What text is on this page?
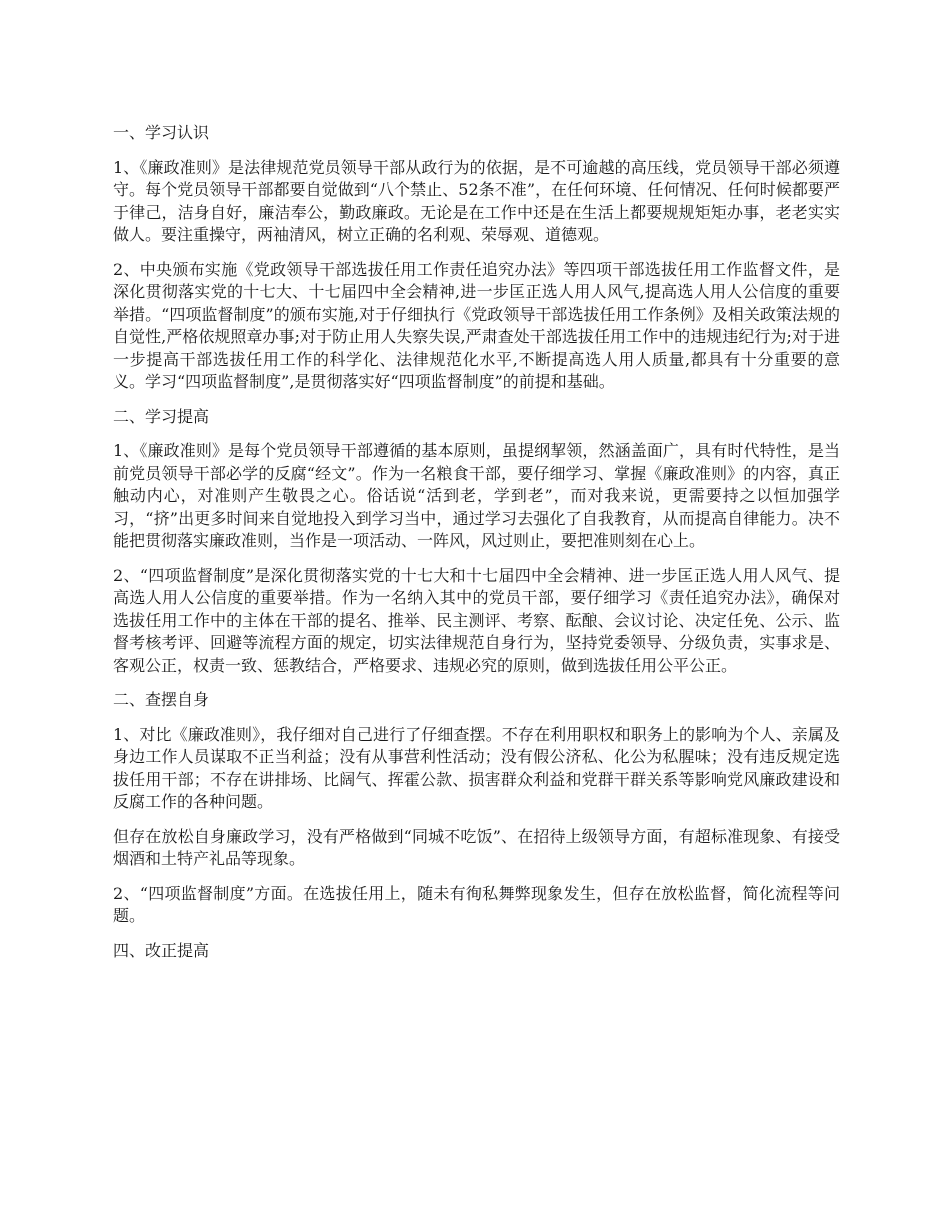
一、学习认识

1、《廉政准则》是法律规范党员领导干部从政行为的依据，是不可逾越的高压线，党员领导干部必须遵守。每个党员领导干部都要自觉做到“八个禁止、52条不准”，在任何环境、任何情况、任何时候都要严于律己，洁身自好，廉洁奉公，勤政廉政。无论是在工作中还是在生活上都要规规矩矩办事，老老实实做人。要注重操守，两袖清风，树立正确的名利观、荣辱观、道德观。

2、中央颁布实施《党政领导干部选拔任用工作责任追究办法》等四项干部选拔任用工作监督文件，是深化贯彻落实党的十七大、十七届四中全会精神,进一步匡正选人用人风气,提高选人用人公信度的重要举措。“四项监督制度”的颁布实施,对于仔细执行《党政领导干部选拔任用工作条例》及相关政策法规的自觉性,严格依规照章办事;对于防止用人失察失误,严肃查处干部选拔任用工作中的违规违纪行为;对于进一步提高干部选拔任用工作的科学化、法律规范化水平,不断提高选人用人质量,都具有十分重要的意义。学习“四项监督制度”,是贯彻落实好“四项监督制度”的前提和基础。

二、学习提高

1、《廉政准则》是每个党员领导干部遵循的基本原则，虽提纲挈领，然涵盖面广，具有时代特性，是当前党员领导干部必学的反腐“经文”。作为一名粮食干部，要仔细学习、掌握《廉政准则》的内容，真正触动内心，对准则产生敬畏之心。俗话说“活到老，学到老”，而对我来说，更需要持之以恒加强学习，“挤”出更多时间来自觉地投入到学习当中，通过学习去强化了自我教育，从而提高自律能力。决不能把贯彻落实廉政准则，当作是一项活动、一阵风，风过则止，要把准则刻在心上。

2、“四项监督制度”是深化贯彻落实党的十七大和十七届四中全会精神、进一步匡正选人用人风气、提高选人用人公信度的重要举措。作为一名纳入其中的党员干部，要仔细学习《责任追究办法》，确保对选拔任用工作中的主体在干部的提名、推举、民主测评、考察、酝酿、会议讨论、决定任免、公示、监督考核考评、回避等流程方面的规定，切实法律规范自身行为，坚持党委领导、分级负责，实事求是、客观公正，权责一致、惩教结合，严格要求、违规必究的原则，做到选拔任用公平公正。

二、查摆自身

1、对比《廉政准则》，我仔细对自己进行了仔细查摆。不存在利用职权和职务上的影响为个人、亲属及身边工作人员谋取不正当利益；没有从事营利性活动；没有假公济私、化公为私腥味；没有违反规定选拔任用干部；不存在讲排场、比阔气、挥霍公款、损害群众利益和党群干群关系等影响党风廉政建设和反腐工作的各种问题。

但存在放松自身廉政学习，没有严格做到“同城不吃饭”、在招待上级领导方面，有超标准现象、有接受烟酒和土特产礼品等现象。

2、“四项监督制度”方面。在选拔任用上，随未有徇私舞弊现象发生，但存在放松监督，简化流程等问题。

四、改正提高
